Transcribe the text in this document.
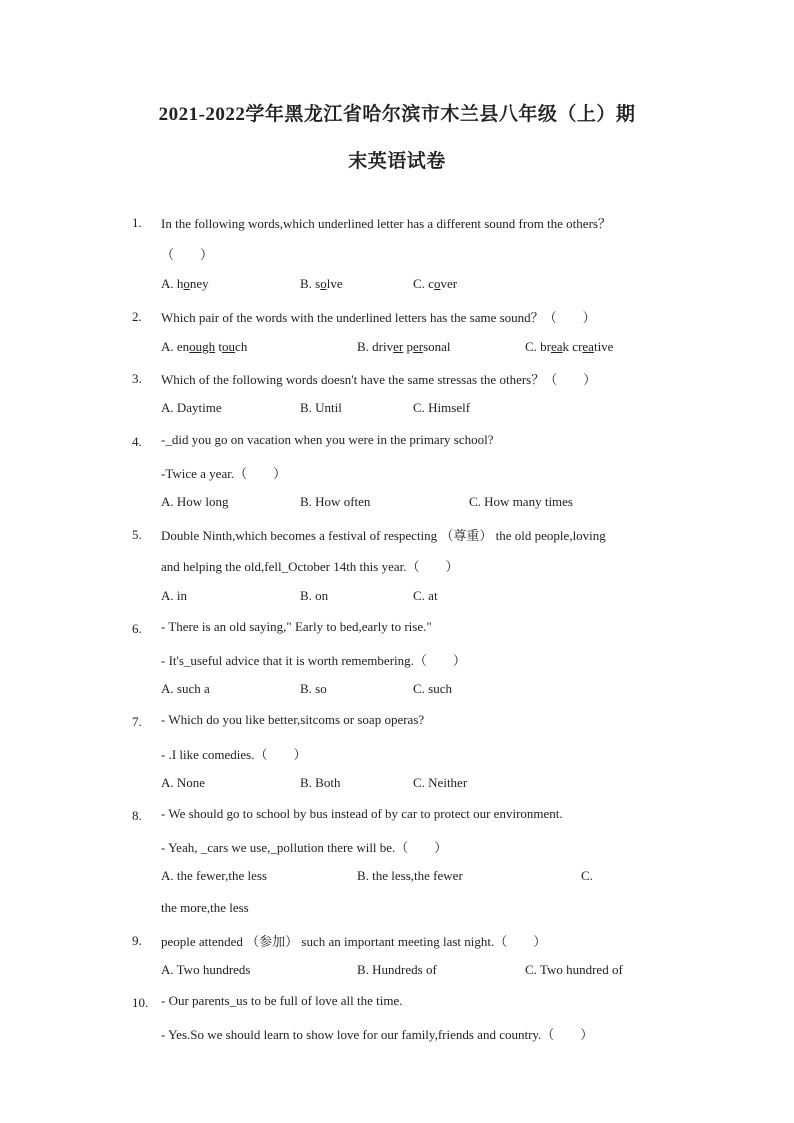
2021-2022学年黑龙江省哈尔滨市木兰县八年级（上）期
末英语试卷
1. In the following words,which underlined letter has a different sound from the others？
（　　）
A. honey	B. solve	C. cover
2. Which pair of the words with the underlined letters has the same sound？（　　）
A. enough touch	B. driver personal	C. break creative
3. Which of the following words doesn't have the same stressas the others？（　　）
A. Daytime	B. Until	C. Himself
4. -_did you go on vacation when you were in the primary school?
-Twice a year.（　　）
A. How long	B. How often	C. How many times
5. Double Ninth,which becomes a festival of respecting （尊重） the old people,loving
and helping the old,fell_October 14th this year.（　　）
A. in	B. on	C. at
6. - There is an old saying," Early to bed,early to rise."
- It's_useful advice that it is worth remembering.（　　）
A. such a	B. so	C. such
7. - Which do you like better,sitcoms or soap operas?
- .I like comedies.（　　）
A. None	B. Both	C. Neither
8. - We should go to school by bus instead of by car to protect our environment.
- Yeah, _cars we use,_pollution there will be.（　　）
A. the fewer,the less	B. the less,the fewer	C.
the more,the less
9. people attended （参加） such an important meeting last night.（　　）
A. Two hundreds	B. Hundreds of	C. Two hundred of
10. - Our parents_us to be full of love all the time.
- Yes.So we should learn to show love for our family,friends and country.（　　）
